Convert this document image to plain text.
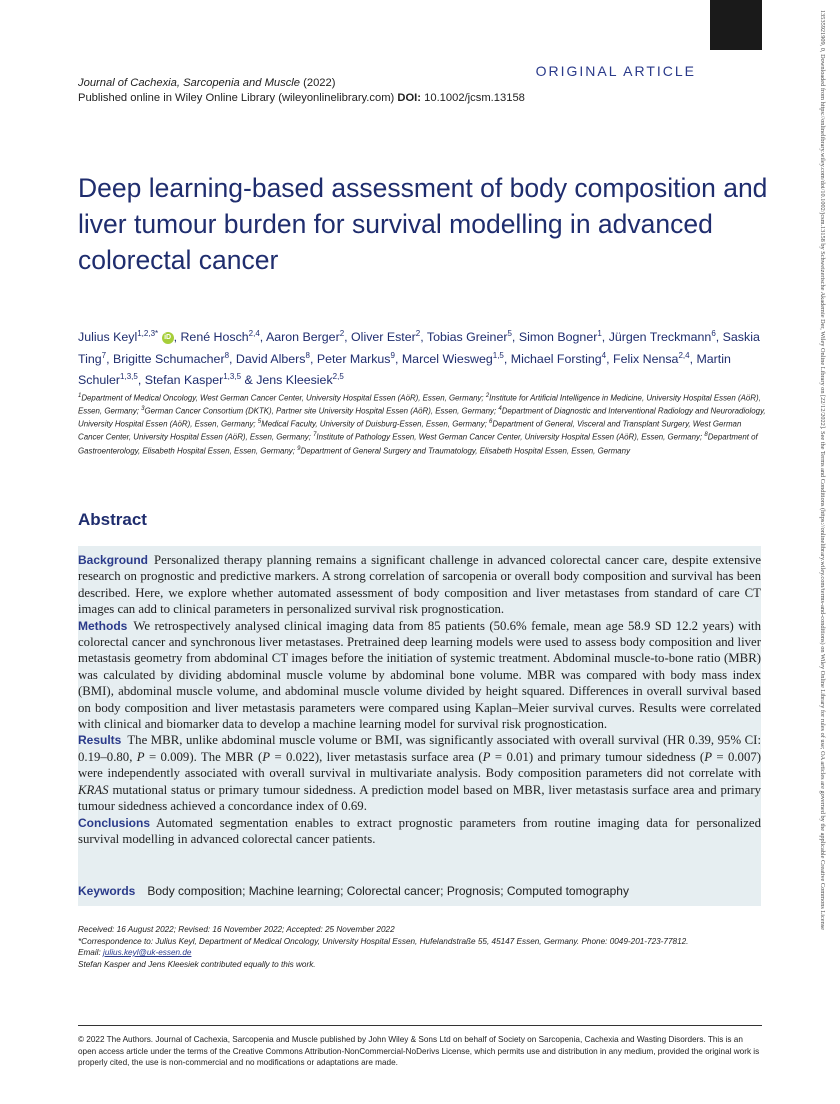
ORIGINAL ARTICLE
Journal of Cachexia, Sarcopenia and Muscle (2022)
Published online in Wiley Online Library (wileyonlinelibrary.com) DOI: 10.1002/jcsm.13158
Deep learning-based assessment of body composition and liver tumour burden for survival modelling in advanced colorectal cancer
Julius Keyl$^{1,2,3*}$ iD , René Hosch$^{2,4}$, Aaron Berger$^2$, Oliver Ester$^2$, Tobias Greiner$^5$, Simon Bogner$^1$, Jürgen Treckmann$^6$, Saskia Ting$^7$, Brigitte Schumacher$^8$, David Albers$^8$, Peter Markus$^9$, Marcel Wiesweg$^{1,5}$, Michael Forsting$^4$, Felix Nensa$^{2,4}$, Martin Schuler$^{1,3,5}$, Stefan Kasper$^{1,3,5}$ & Jens Kleesiek$^{2,5}$
$^1$Department of Medical Oncology, West German Cancer Center, University Hospital Essen (AöR), Essen, Germany; $^2$Institute for Artificial Intelligence in Medicine, University Hospital Essen (AöR), Essen, Germany; $^3$German Cancer Consortium (DKTK), Partner site University Hospital Essen (AöR), Essen, Germany; $^4$Department of Diagnostic and Interventional Radiology and Neuroradiology, University Hospital Essen (AöR), Essen, Germany; $^5$Medical Faculty, University of Duisburg-Essen, Essen, Germany; $^6$Department of General, Visceral and Transplant Surgery, West German Cancer Center, University Hospital Essen (AöR), Essen, Germany; $^7$Institute of Pathology Essen, West German Cancer Center, University Hospital Essen (AöR), Essen, Germany; $^8$Department of Gastroenterology, Elisabeth Hospital Essen, Essen, Germany; $^9$Department of General Surgery and Traumatology, Elisabeth Hospital Essen, Essen, Germany
Abstract

Background Personalized therapy planning remains a significant challenge in advanced colorectal cancer care, despite extensive research on prognostic and predictive markers. A strong correlation of sarcopenia or overall body composition and survival has been described. Here, we explore whether automated assessment of body composition and liver metastases from standard of care CT images can add to clinical parameters in personalized survival risk prognostication.

Methods We retrospectively analysed clinical imaging data from 85 patients (50.6% female, mean age 58.9 SD 12.2 years) with colorectal cancer and synchronous liver metastases. Pretrained deep learning models were used to assess body composition and liver metastasis geometry from abdominal CT images before the initiation of systemic treatment. Abdominal muscle-to-bone ratio (MBR) was calculated by dividing abdominal muscle volume by abdominal bone volume. MBR was compared with body mass index (BMI), abdominal muscle volume, and abdominal muscle volume divided by height squared. Differences in overall survival based on body composition and liver metastasis parameters were compared using Kaplan–Meier survival curves. Results were correlated with clinical and biomarker data to develop a machine learning model for survival risk prognostication.

Results The MBR, unlike abdominal muscle volume or BMI, was significantly associated with overall survival (HR 0.39, 95% CI: 0.19–0.80, P = 0.009). The MBR (P = 0.022), liver metastasis surface area (P = 0.01) and primary tumour sidedness (P = 0.007) were independently associated with overall survival in multivariate analysis. Body composition parameters did not correlate with KRAS mutational status or primary tumour sidedness. A prediction model based on MBR, liver metastasis surface area and primary tumour sidedness achieved a concordance index of 0.69.

Conclusions Automated segmentation enables to extract prognostic parameters from routine imaging data for personalized survival modelling in advanced colorectal cancer patients.

Keywords Body composition; Machine learning; Colorectal cancer; Prognosis; Computed tomography
Received: 16 August 2022; Revised: 16 November 2022; Accepted: 25 November 2022
*Correspondence to: Julius Keyl, Department of Medical Oncology, University Hospital Essen, Hufelandstraße 55, 45147 Essen, Germany. Phone: 0049-201-723-77812.
Email: julius.keyl@uk-essen.de
Stefan Kasper and Jens Kleesiek contributed equally to this work.
© 2022 The Authors. Journal of Cachexia, Sarcopenia and Muscle published by John Wiley & Sons Ltd on behalf of Society on Sarcopenia, Cachexia and Wasting Disorders. This is an open access article under the terms of the Creative Commons Attribution-NonCommercial-NoDerivs License, which permits use and distribution in any medium, provided the original work is properly cited, the use is non-commercial and no modifications or adaptations are made.
13535921909, 0, Downloaded from https://onlinelibrary.wiley.com/doi/10.1002/jcsm.13158 by Schweizerische Akademie Der, Wiley Online Library on [22/12/2022]. See the Terms and Conditions (https://onlinelibrary.wiley.com/terms-and-conditions) on Wiley Online Library for rules of use; OA articles are governed by the applicable Creative Commons License
